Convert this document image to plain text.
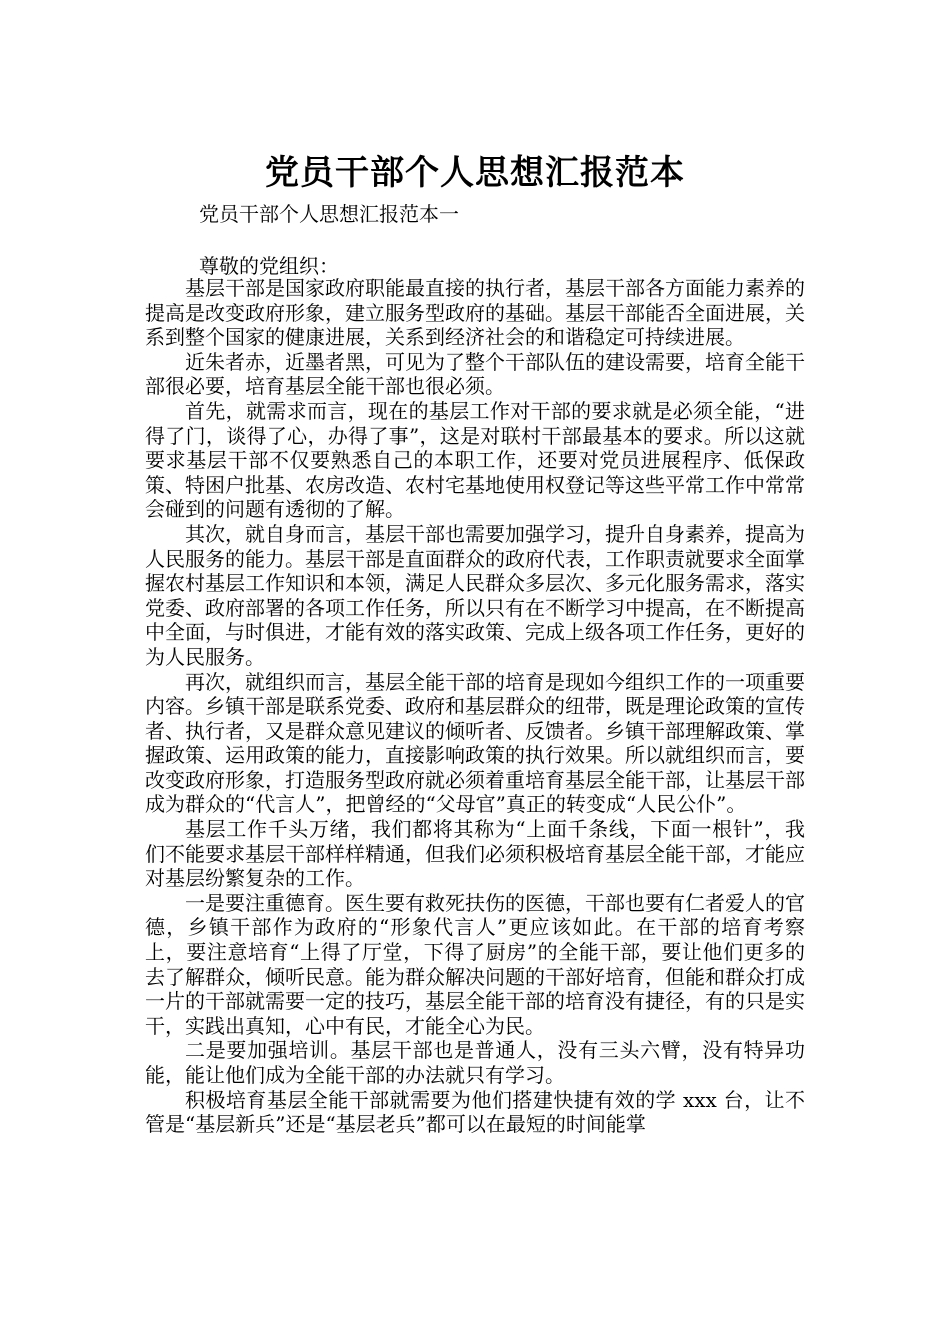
党员干部个人思想汇报范本
党员干部个人思想汇报范本一
尊敬的党组织：

基层干部是国家政府职能最直接的执行者，基层干部各方面能力素养的提高是改变政府形象，建立服务型政府的基础。基层干部能否全面进展，关系到整个国家的健康进展，关系到经济社会的和谐稳定可持续进展。

近朱者赤，近墨者黑，可见为了整个干部队伍的建设需要，培育全能干部很必要，培育基层全能干部也很必须。

首先，就需求而言，现在的基层工作对干部的要求就是必须全能，“进得了门，谈得了心，办得了事”，这是对联村干部最基本的要求。所以这就要求基层干部不仅要熟悉自己的本职工作，还要对党员进展程序、低保政策、特困户批基、农房改造、农村宅基地使用权登记等这些平常工作中常常会碰到的问题有透彻的了解。

其次，就自身而言，基层干部也需要加强学习，提升自身素养，提高为人民服务的能力。基层干部是直面群众的政府代表，工作职责就要求全面掌握农村基层工作知识和本领，满足人民群众多层次、多元化服务需求，落实党委、政府部署的各项工作任务，所以只有在不断学习中提高，在不断提高中全面，与时俱进，才能有效的落实政策、完成上级各项工作任务，更好的为人民服务。

再次，就组织而言，基层全能干部的培育是现如今组织工作的一项重要内容。乡镇干部是联系党委、政府和基层群众的纽带，既是理论政策的宣传者、执行者，又是群众意见建议的倾听者、反馈者。乡镇干部理解政策、掌握政策、运用政策的能力，直接影响政策的执行效果。所以就组织而言，要改变政府形象，打造服务型政府就必须着重培育基层全能干部，让基层干部成为群众的“代言人”，把曾经的“父母官”真正的转变成“人民公仆”。

基层工作千头万绪，我们都将其称为“上面千条线，下面一根针”，我们不能要求基层干部样样精通，但我们必须积极培育基层全能干部，才能应对基层纷繁复杂的工作。

一是要注重德育。医生要有救死扶伤的医德，干部也要有仁者爱人的官德，乡镇干部作为政府的“形象代言人”更应该如此。在干部的培育考察上，要注意培育“上得了厅堂，下得了厨房”的全能干部，要让他们更多的去了解群众，倾听民意。能为群众解决问题的干部好培育，但能和群众打成一片的干部就需要一定的技巧，基层全能干部的培育没有捷径，有的只是实干，实践出真知，心中有民，才能全心为民。

二是要加强培训。基层干部也是普通人，没有三头六臂，没有特异功能，能让他们成为全能干部的办法就只有学习。

积极培育基层全能干部就需要为他们搭建快捷有效的学 xxx 台，让不管是“基层新兵”还是“基层老兵”都可以在最短的时间能掌
